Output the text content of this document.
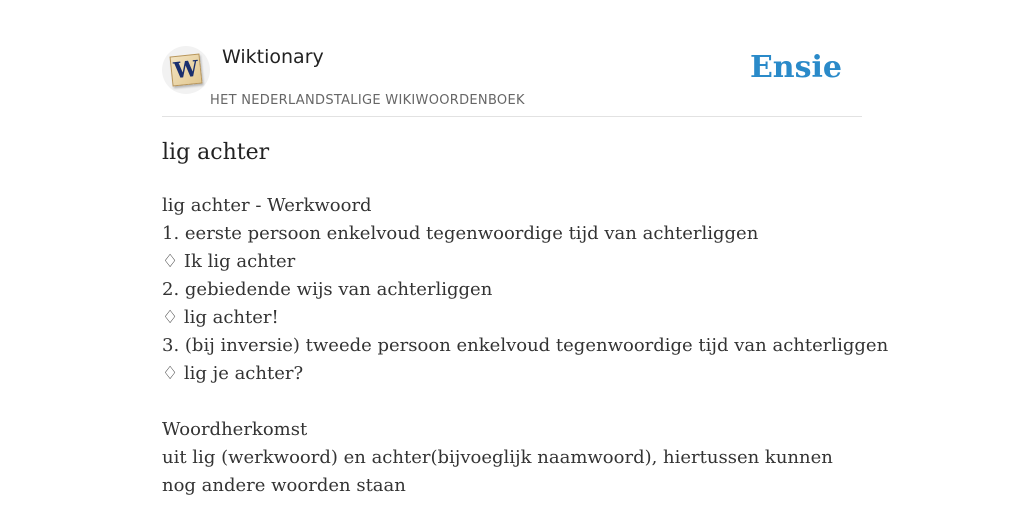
W Wiktionary
HET NEDERLANDSTALIGE WIKIWOORDENBOEK
Ensie
lig achter
lig achter - Werkwoord
1. eerste persoon enkelvoud tegenwoordige tijd van achterliggen
♢ Ik lig achter
2. gebiedende wijs van achterliggen
♢ lig achter!
3. (bij inversie) tweede persoon enkelvoud tegenwoordige tijd van achterliggen
♢ lig je achter?
Woordherkomst
uit lig (werkwoord) en achter(bijvoeglijk naamwoord), hiertussen kunnen nog andere woorden staan
